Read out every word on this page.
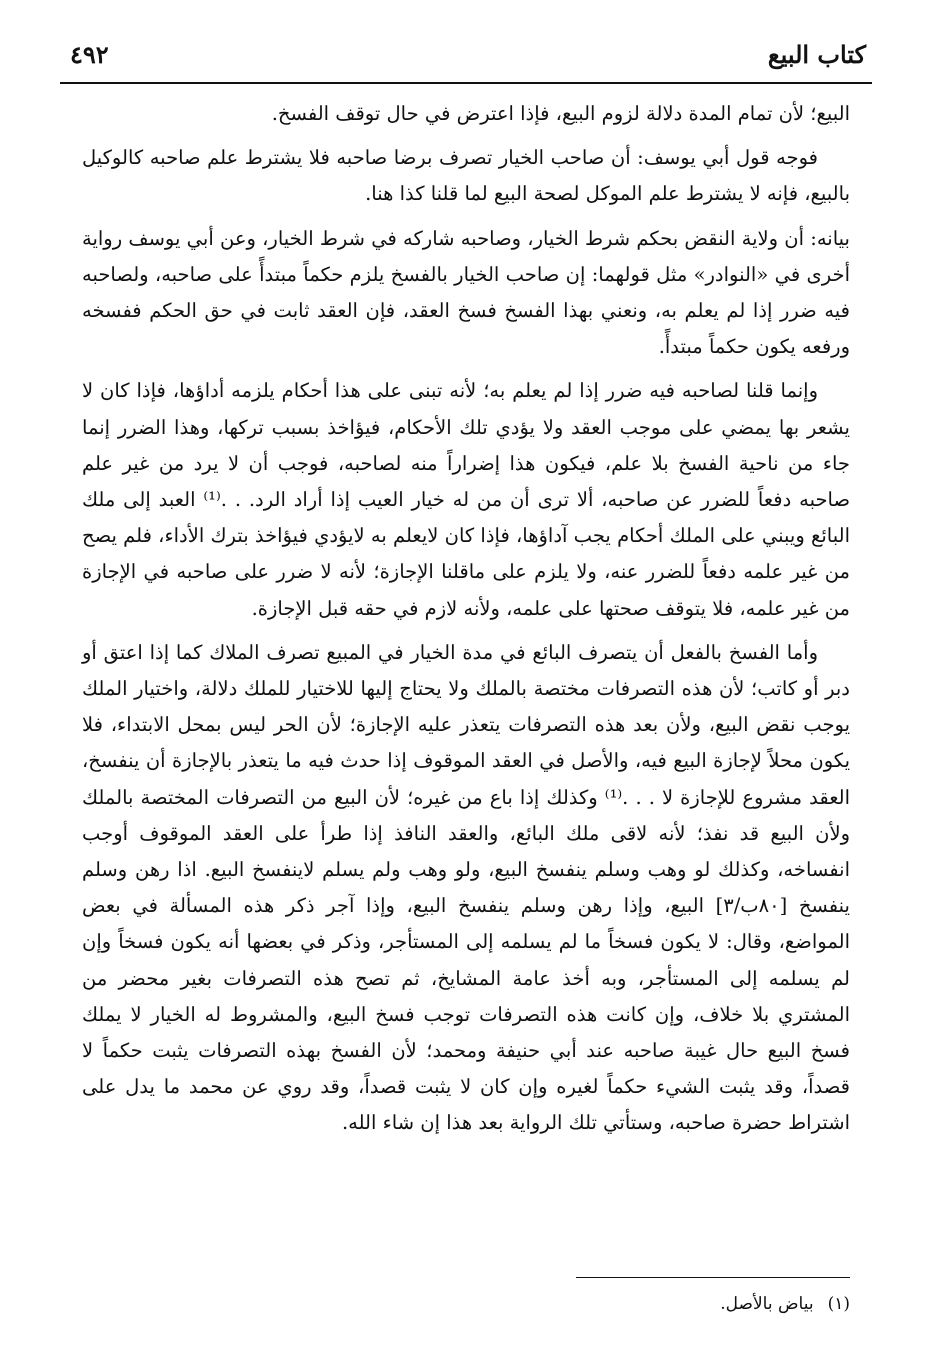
كتاب البيع
٤٩٢

البيع؛ لأن تمام المدة دلالة لزوم البيع، فإذا اعترض في حال توقف الفسخ.

فوجه قول أبي يوسف: أن صاحب الخيار تصرف برضا صاحبه فلا يشترط علم صاحبه كالوكيل بالبيع، فإنه لا يشترط علم الموكل لصحة البيع لما قلنا كذا هنا.

بيانه: أن ولاية النقض بحكم شرط الخيار، وصاحبه شاركه في شرط الخيار، وعن أبي يوسف رواية أخرى في «النوادر» مثل قولهما: إن صاحب الخيار بالفسخ يلزم حكماً مبتدأً على صاحبه، ولصاحبه فيه ضرر إذا لم يعلم به، ونعني بهذا الفسخ فسخ العقد، فإن العقد ثابت في حق الحكم ففسخه ورفعه يكون حكماً مبتدأً.

وإنما قلنا لصاحبه فيه ضرر إذا لم يعلم به؛ لأنه تبنى على هذا أحكام يلزمه أداؤها، فإذا كان لا يشعر بها يمضي على موجب العقد ولا يؤدي تلك الأحكام، فيؤاخذ بسبب تركها، وهذا الضرر إنما جاء من ناحية الفسخ بلا علم، فيكون هذا إضراراً منه لصاحبه، فوجب أن لا يرد من غير علم صاحبه دفعاً للضرر عن صاحبه، ألا ترى أن من له خيار العيب إذا أراد الرد. . .⁽¹⁾ العبد إلى ملك البائع ويبني على الملك أحكام يجب آداؤها، فإذا كان لايعلم به لايؤدي فيؤاخذ بترك الأداء، فلم يصح من غير علمه دفعاً للضرر عنه، ولا يلزم على ماقلنا الإجازة؛ لأنه لا ضرر على صاحبه في الإجازة من غير علمه، فلا يتوقف صحتها على علمه، ولأنه لازم في حقه قبل الإجازة.

وأما الفسخ بالفعل أن يتصرف البائع في مدة الخيار في المبيع تصرف الملاك كما إذا اعتق أو دبر أو كاتب؛ لأن هذه التصرفات مختصة بالملك ولا يحتاج إليها للاختيار للملك دلالة، واختيار الملك يوجب نقض البيع، ولأن بعد هذه التصرفات يتعذر عليه الإجازة؛ لأن الحر ليس بمحل الابتداء، فلا يكون محلاً لإجازة البيع فيه، والأصل في العقد الموقوف إذا حدث فيه ما يتعذر بالإجازة أن ينفسخ، العقد مشروع للإجازة لا . . .⁽¹⁾ وكذلك إذا باع من غيره؛ لأن البيع من التصرفات المختصة بالملك ولأن البيع قد نفذ؛ لأنه لاقى ملك البائع، والعقد النافذ إذا طرأ على العقد الموقوف أوجب انفساخه، وكذلك لو وهب وسلم ينفسخ البيع، ولو وهب ولم يسلم لاينفسخ البيع. اذا رهن وسلم ينفسخ [٨٠ب/٣] البيع، وإذا رهن وسلم ينفسخ البيع، وإذا آجر ذكر هذه المسألة في بعض المواضع، وقال: لا يكون فسخاً ما لم يسلمه إلى المستأجر، وذكر في بعضها أنه يكون فسخاً وإن لم يسلمه إلى المستأجر، وبه أخذ عامة المشايخ، ثم تصح هذه التصرفات بغير محضر من المشتري بلا خلاف، وإن كانت هذه التصرفات توجب فسخ البيع، والمشروط له الخيار لا يملك فسخ البيع حال غيبة صاحبه عند أبي حنيفة ومحمد؛ لأن الفسخ بهذه التصرفات يثبت حكماً لا قصداً، وقد يثبت الشيء حكماً لغيره وإن كان لا يثبت قصداً، وقد روي عن محمد ما يدل على اشتراط حضرة صاحبه، وستأتي تلك الرواية بعد هذا إن شاء الله.

(١)بياض بالأصل.
